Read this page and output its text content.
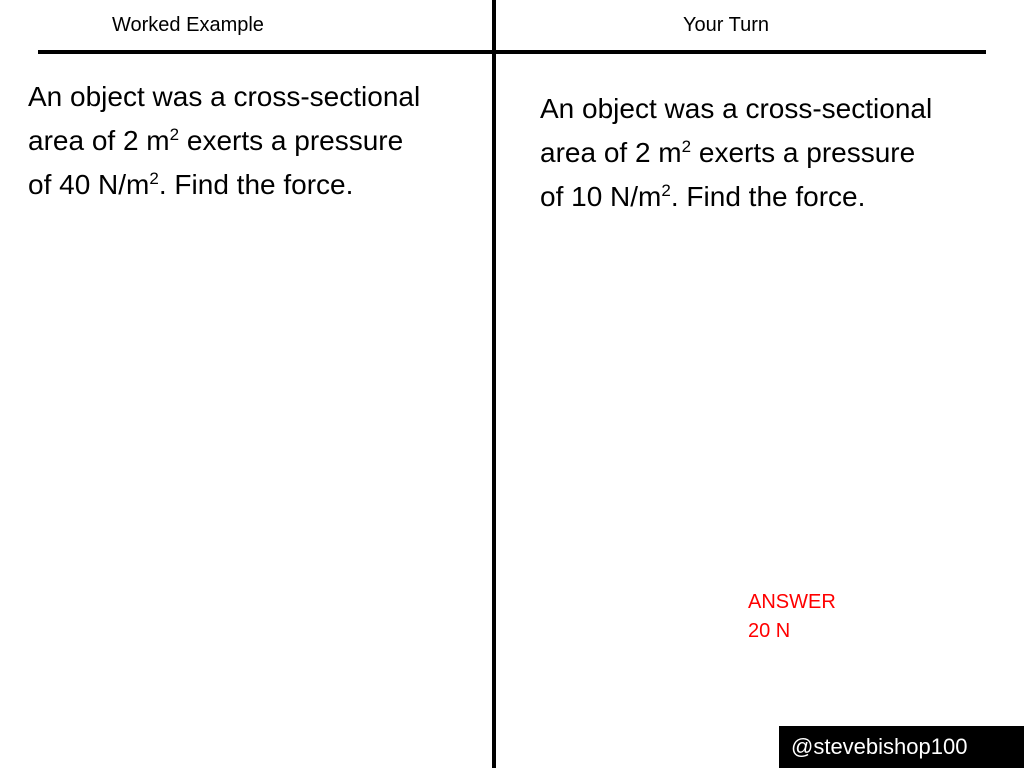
Worked Example	Your Turn
An object was a cross-sectional
area of 2 $m^2$ exerts a pressure
of 40 $N/m^2$. Find the force.
An object was a cross-sectional
area of 2 $m^2$ exerts a pressure
of 10 $N/m^2$. Find the force.
ANSWER
20 N
@stevebishop100
